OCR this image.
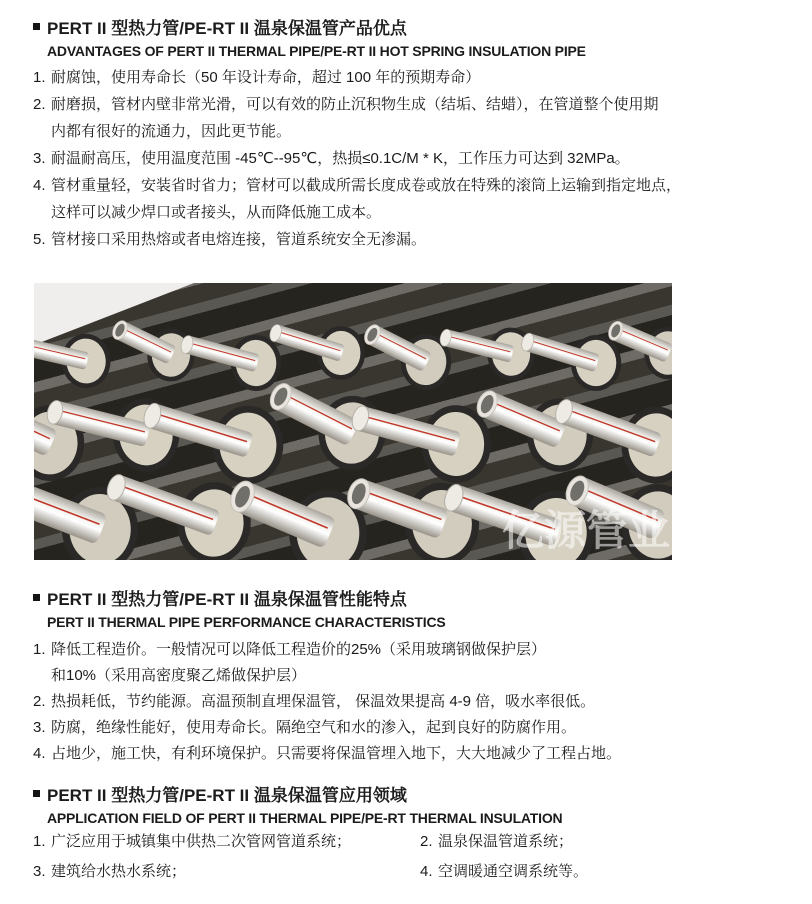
PERT II 型热力管/PE-RT II 温泉保温管产品优点
ADVANTAGES OF PERT II THERMAL PIPE/PE-RT II HOT SPRING INSULATION PIPE
1. 耐腐蚀，使用寿命长（50 年设计寿命，超过 100 年的预期寿命）
2. 耐磨损，管材内壁非常光滑，可以有效的防止沉积物生成（结垢、结蜡），在管道整个使用期
内都有很好的流通力，因此更节能。
3. 耐温耐高压，使用温度范围 -45℃--95℃，热损≤0.1C/M * K，工作压力可达到 32MPa。
4. 管材重量轻，安装省时省力；管材可以截成所需长度成卷或放在特殊的滚筒上运输到指定地点，
这样可以减少焊口或者接头，从而降低施工成本。
5. 管材接口采用热熔或者电熔连接，管道系统安全无渗漏。
亿源管业
PERT II 型热力管/PE-RT II 温泉保温管性能特点
PERT II THERMAL PIPE PERFORMANCE CHARACTERISTICS
1. 降低工程造价。一般情况可以降低工程造价的25%（采用玻璃钢做保护层）
和10%（采用高密度聚乙烯做保护层）
2. 热损耗低，节约能源。高温预制直埋保温管， 保温效果提高 4-9 倍，吸水率很低。
3. 防腐，绝缘性能好，使用寿命长。隔绝空气和水的渗入，起到良好的防腐作用。
4. 占地少，施工快，有利环境保护。只需要将保温管埋入地下，大大地减少了工程占地。
PERT II 型热力管/PE-RT II 温泉保温管应用领域
APPLICATION FIELD OF PERT II THERMAL PIPE/PE-RT THERMAL INSULATION
1. 广泛应用于城镇集中供热二次管网管道系统；	2. 温泉保温管道系统；
3. 建筑给水热水系统；	4. 空调暖通空调系统等。
